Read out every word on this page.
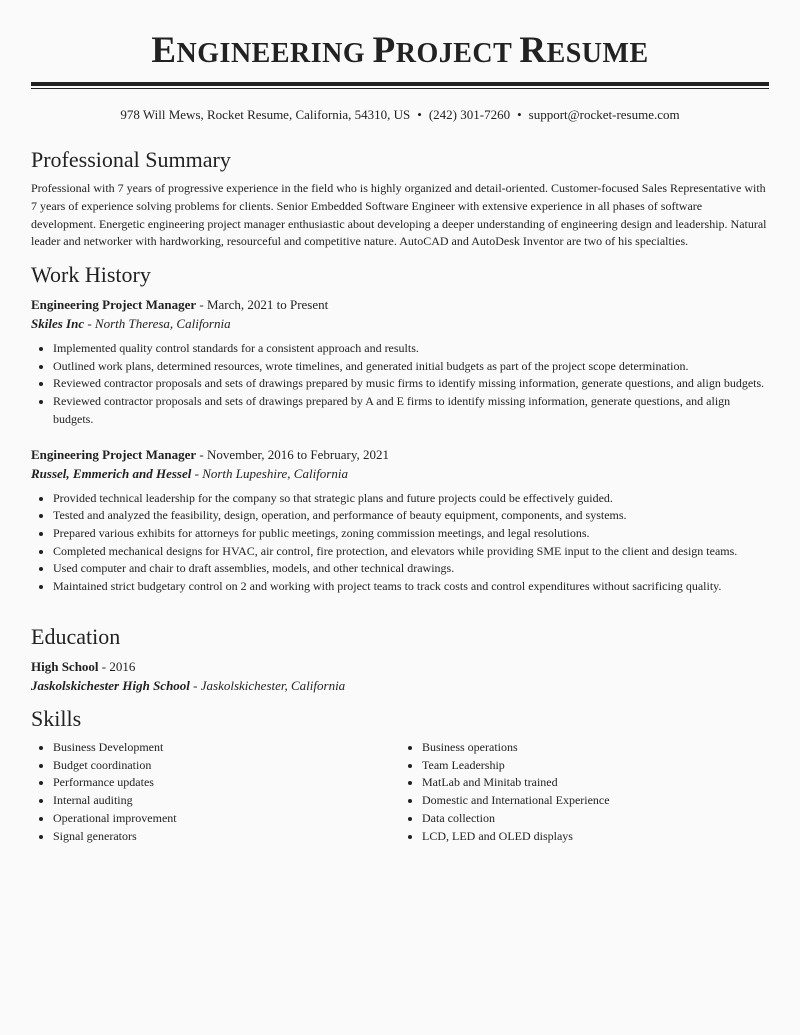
ENGINEERING PROJECT RESUME
978 Will Mews, Rocket Resume, California, 54310, US • (242) 301-7260 • support@rocket-resume.com
Professional Summary

Professional with 7 years of progressive experience in the field who is highly organized and detail-oriented. Customer-focused Sales Representative with 7 years of experience solving problems for clients. Senior Embedded Software Engineer with extensive experience in all phases of software development. Energetic engineering project manager enthusiastic about developing a deeper understanding of engineering design and leadership. Natural leader and networker with hardworking, resourceful and competitive nature. AutoCAD and AutoDesk Inventor are two of his specialties.

Work History
Engineering Project Manager - March, 2021 to Present
Skiles Inc - North Theresa, California
• Implemented quality control standards for a consistent approach and results.
• Outlined work plans, determined resources, wrote timelines, and generated initial budgets as part of the project scope determination.
• Reviewed contractor proposals and sets of drawings prepared by music firms to identify missing information, generate questions, and align budgets.
• Reviewed contractor proposals and sets of drawings prepared by A and E firms to identify missing information, generate questions, and align budgets.
Engineering Project Manager - November, 2016 to February, 2021
Russel, Emmerich and Hessel - North Lupeshire, California
• Provided technical leadership for the company so that strategic plans and future projects could be effectively guided.
• Tested and analyzed the feasibility, design, operation, and performance of beauty equipment, components, and systems.
• Prepared various exhibits for attorneys for public meetings, zoning commission meetings, and legal resolutions.
• Completed mechanical designs for HVAC, air control, fire protection, and elevators while providing SME input to the client and design teams.
• Used computer and chair to draft assemblies, models, and other technical drawings.
• Maintained strict budgetary control on 2 and working with project teams to track costs and control expenditures without sacrificing quality.
Education
High School - 2016
Jaskolskichester High School - Jaskolskichester, California
Skills
• Business Development
• Budget coordination
• Performance updates
• Internal auditing
• Operational improvement
• Signal generators
• Business operations
• Team Leadership
• MatLab and Minitab trained
• Domestic and International Experience
• Data collection
• LCD, LED and OLED displays
